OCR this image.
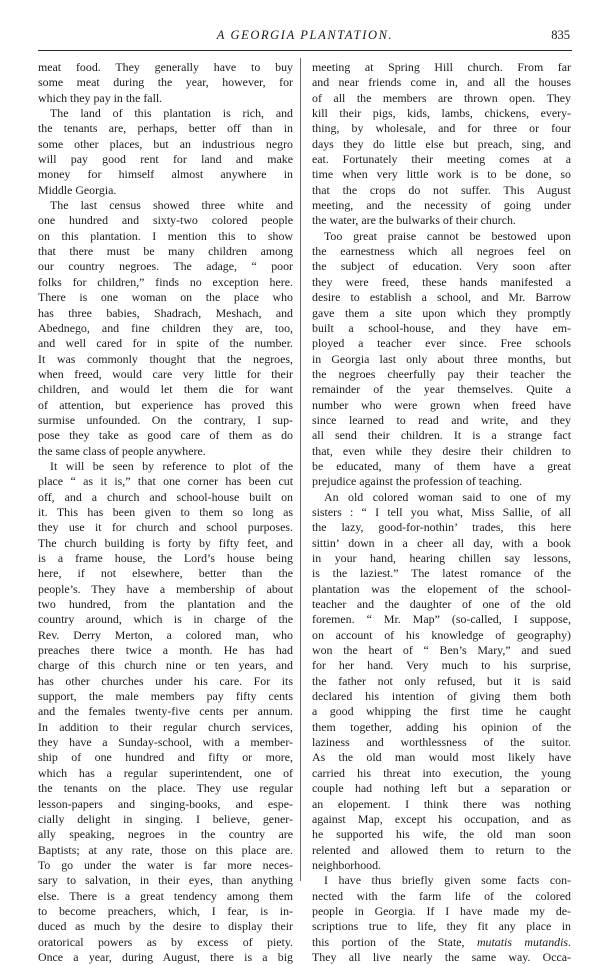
A GEORGIA PLANTATION.	835
meat food. They generally have to buy
some meat during the year, however, for
which they pay in the fall.
The land of this plantation is rich, and
the tenants are, perhaps, better off than in
some other places, but an industrious negro
will pay good rent for land and make
money for himself almost anywhere in
Middle Georgia.
The last census showed three white and
one hundred and sixty-two colored people
on this plantation. I mention this to show
that there must be many children among
our country negroes. The adage, “ poor
folks for children,” finds no exception here.
There is one woman on the place who
has three babies, Shadrach, Meshach, and
Abednego, and fine children they are, too,
and well cared for in spite of the number.
It was commonly thought that the negroes,
when freed, would care very little for their
children, and would let them die for want
of attention, but experience has proved this
surmise unfounded. On the contrary, I sup-
pose they take as good care of them as do
the same class of people anywhere.
It will be seen by reference to plot of the
place “ as it is,” that one corner has been cut
off, and a church and school-house built on
it. This has been given to them so long as
they use it for church and school purposes.
The church building is forty by fifty feet, and
is a frame house, the Lord’s house being
here, if not elsewhere, better than the
people’s. They have a membership of about
two hundred, from the plantation and the
country around, which is in charge of the
Rev. Derry Merton, a colored man, who
preaches there twice a month. He has had
charge of this church nine or ten years, and
has other churches under his care. For its
support, the male members pay fifty cents
and the females twenty-five cents per annum.
In addition to their regular church services,
they have a Sunday-school, with a member-
ship of one hundred and fifty or more,
which has a regular superintendent, one of
the tenants on the place. They use regular
lesson-papers and singing-books, and espe-
cially delight in singing. I believe, gener-
ally speaking, negroes in the country are
Baptists; at any rate, those on this place are.
To go under the water is far more neces-
sary to salvation, in their eyes, than anything
else. There is a great tendency among them
to become preachers, which, I fear, is in-
duced as much by the desire to display their
oratorical powers as by excess of piety.
Once a year, during August, there is a big
meeting at Spring Hill church. From far
and near friends come in, and all the houses
of all the members are thrown open. They
kill their pigs, kids, lambs, chickens, every-
thing, by wholesale, and for three or four
days they do little else but preach, sing, and
eat. Fortunately their meeting comes at a
time when very little work is to be done, so
that the crops do not suffer. This August
meeting, and the necessity of going under
the water, are the bulwarks of their church.
Too great praise cannot be bestowed upon
the earnestness which all negroes feel on
the subject of education. Very soon after
they were freed, these hands manifested a
desire to establish a school, and Mr. Barrow
gave them a site upon which they promptly
built a school-house, and they have em-
ployed a teacher ever since. Free schools
in Georgia last only about three months, but
the negroes cheerfully pay their teacher the
remainder of the year themselves. Quite a
number who were grown when freed have
since learned to read and write, and they
all send their children. It is a strange fact
that, even while they desire their children to
be educated, many of them have a great
prejudice against the profession of teaching.
An old colored woman said to one of my
sisters : “ I tell you what, Miss Sallie, of all
the lazy, good-for-nothin’ trades, this here
sittin’ down in a cheer all day, with a book
in your hand, hearing chillen say lessons,
is the laziest.” The latest romance of the
plantation was the elopement of the school-
teacher and the daughter of one of the old
foremen. “ Mr. Map” (so-called, I suppose,
on account of his knowledge of geography)
won the heart of “ Ben’s Mary,” and sued
for her hand. Very much to his surprise,
the father not only refused, but it is said
declared his intention of giving them both
a good whipping the first time he caught
them together, adding his opinion of the
laziness and worthlessness of the suitor.
As the old man would most likely have
carried his threat into execution, the young
couple had nothing left but a separation or
an elopement. I think there was nothing
against Map, except his occupation, and as
he supported his wife, the old man soon
relented and allowed them to return to the
neighborhood.
I have thus briefly given some facts con-
nected with the farm life of the colored
people in Georgia. If I have made my de-
scriptions true to life, they fit any place in
this portion of the State, mutatis mutandis.
They all live nearly the same way. Occa-
